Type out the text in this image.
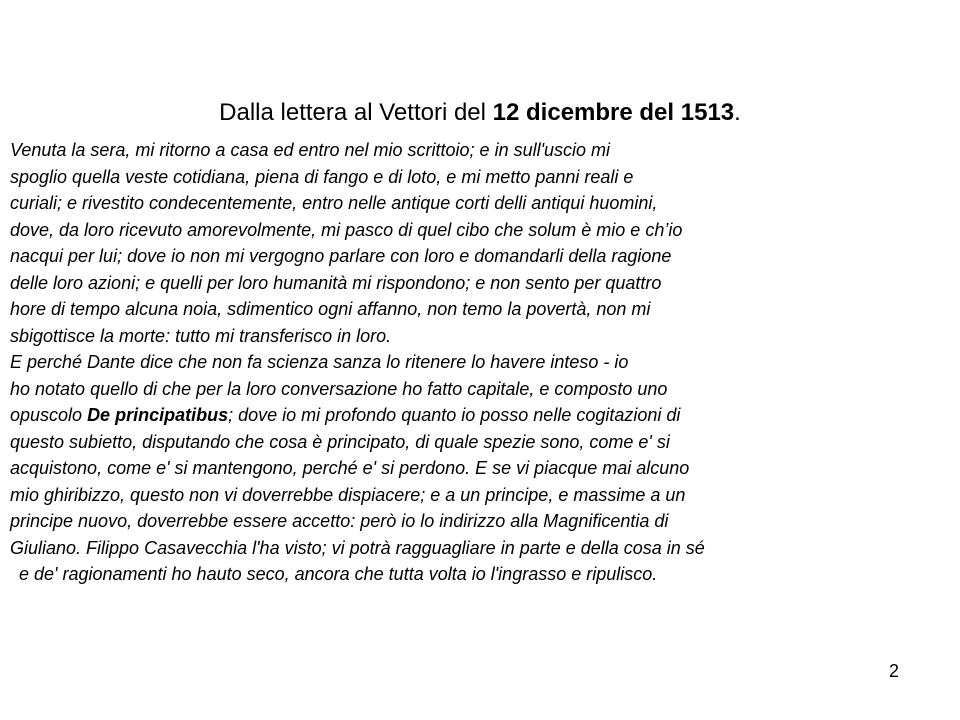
Dalla lettera al Vettori del 12 dicembre del 1513.
Venuta la sera, mi ritorno a casa ed entro nel mio scrittoio; e in sull'uscio mi
spoglio quella veste cotidiana, piena di fango e di loto, e mi metto panni reali e
curiali; e rivestito condecentemente, entro nelle antique corti delli antiqui huomini,
dove, da loro ricevuto amorevolmente, mi pasco di quel cibo che solum è mio e ch’io
nacqui per lui; dove io non mi vergogno parlare con loro e domandarli della ragione
delle loro azioni; e quelli per loro humanità mi rispondono; e non sento per quattro
hore di tempo alcuna noia, sdimentico ogni affanno, non temo la povertà, non mi
sbigottisce la morte: tutto mi transferisco in loro.
E perché Dante dice che non fa scienza sanza lo ritenere lo havere inteso - io
ho notato quello di che per la loro conversazione ho fatto capitale, e composto uno
opuscolo De principatibus; dove io mi profondo quanto io posso nelle cogitazioni di
questo subietto, disputando che cosa è principato, di quale spezie sono, come e' si
acquistono, come e' si mantengono, perché e' si perdono. E se vi piacque mai alcuno
mio ghiribizzo, questo non vi doverrebbe dispiacere; e a un principe, e massime a un
principe nuovo, doverrebbe essere accetto: però io lo indirizzo alla Magnificentia di
Giuliano. Filippo Casavecchia l'ha visto; vi potrà ragguagliare in parte e della cosa in sé
e de' ragionamenti ho hauto seco, ancora che tutta volta io l'ingrasso e ripulisco.
2
